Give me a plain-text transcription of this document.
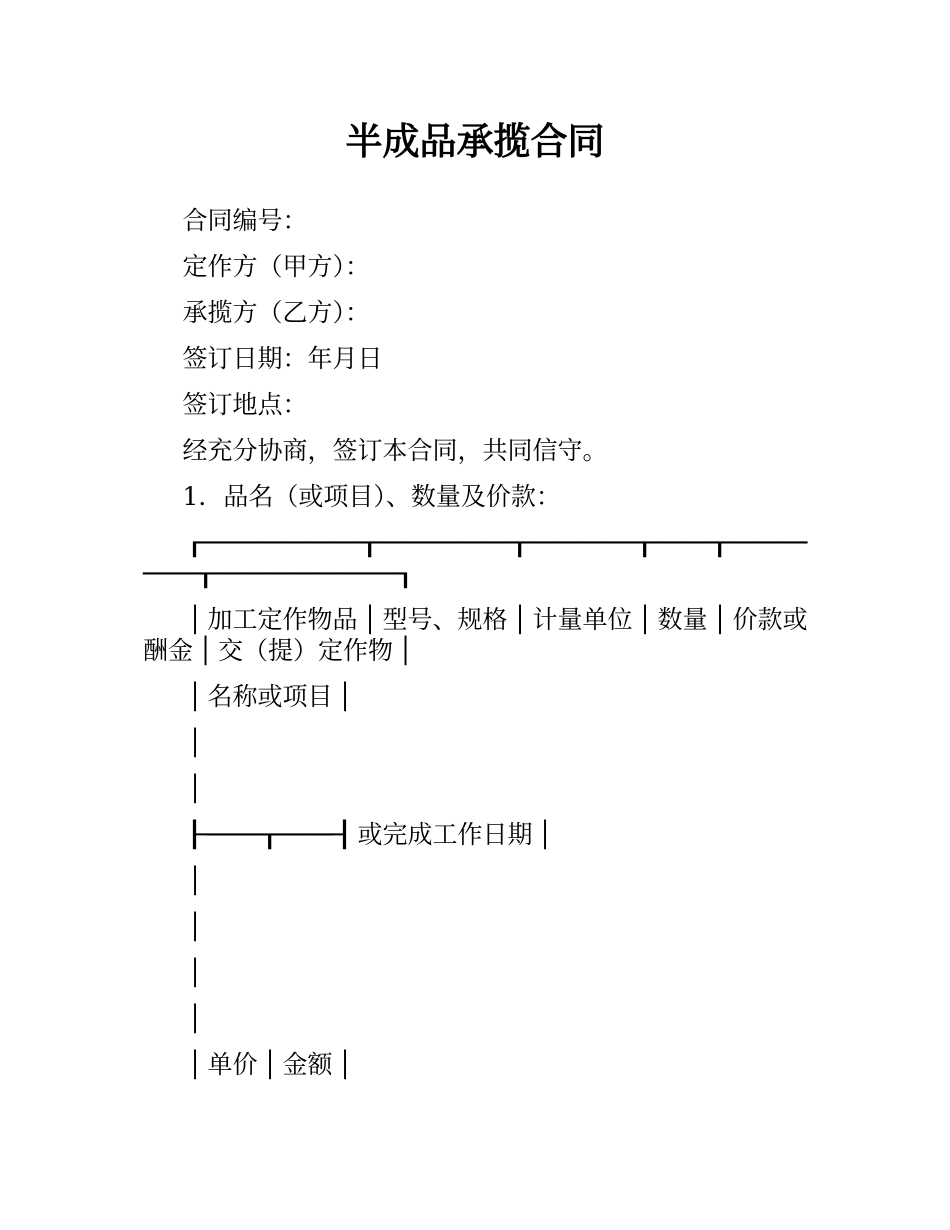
半成品承揽合同
合同编号：
定作方（甲方）：
承揽方（乙方）：
签订日期：年月日
签订地点：
经充分协商，签订本合同，共同信守。
1．品名（或项目）、数量及价款：
┌ ─ ─ ─ ─ ─ ─ ┬ ─ ─ ─ ─ ─ ┬ ─ ─ ─ ─ ┬ ─ ─ ┬ ─ ─ ─
─ ─ ┬ ─ ─ ─ ─ ─ ─ ─ ┐
│ 加 工 定 作 物 品 │ 型 号 、 规 格 │ 计 量 单 位 │ 数 量 │ 价 款 或
酬 金 │ 交 （ 提 ） 定 作 物 │
│ 名 称 或 项 目 │
│
│
├ ─ ─ ┬ ─ ─ ┤ 或 完 成 工 作 日 期 │
│
│
│
│
│ 单 价 │ 金 额 │
